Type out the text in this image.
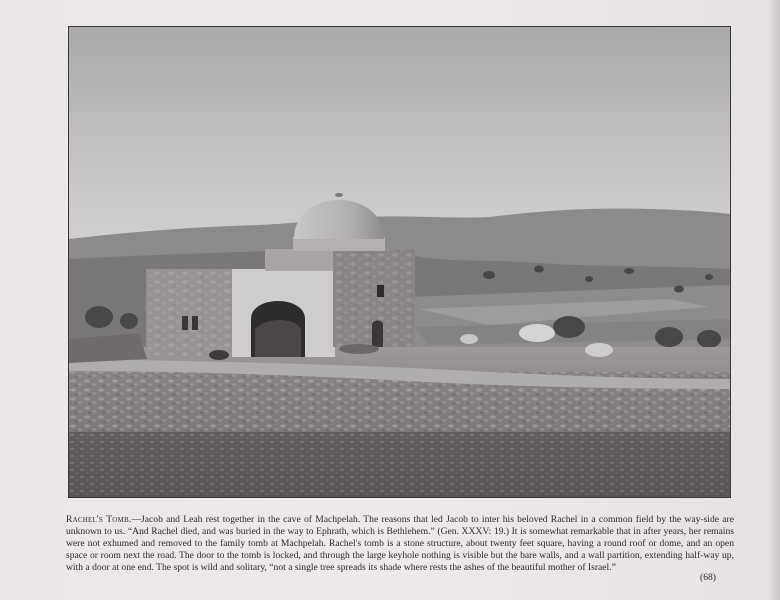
Rachel's Tomb.—Jacob and Leah rest together in the cave of Machpelah. The reasons that led Jacob to inter his beloved Rachel in a common field by the way-side are unknown to us. “And Rachel died, and was buried in the way to Ephrath, which is Bethlehem.” (Gen. XXXV: 19.) It is somewhat remarkable that in after years, her remains were not exhumed and removed to the family tomb at Machpelah. Rachel's tomb is a stone structure, about twenty feet square, having a round roof or dome, and an open space or room next the road. The door to the tomb is locked, and through the large keyhole nothing is visible but the bare walls, and a wall partition, extending half-way up, with a door at one end. The spot is wild and solitary, “not a single tree spreads its shade where rests the ashes of the beautiful mother of Israel.”
(68)
